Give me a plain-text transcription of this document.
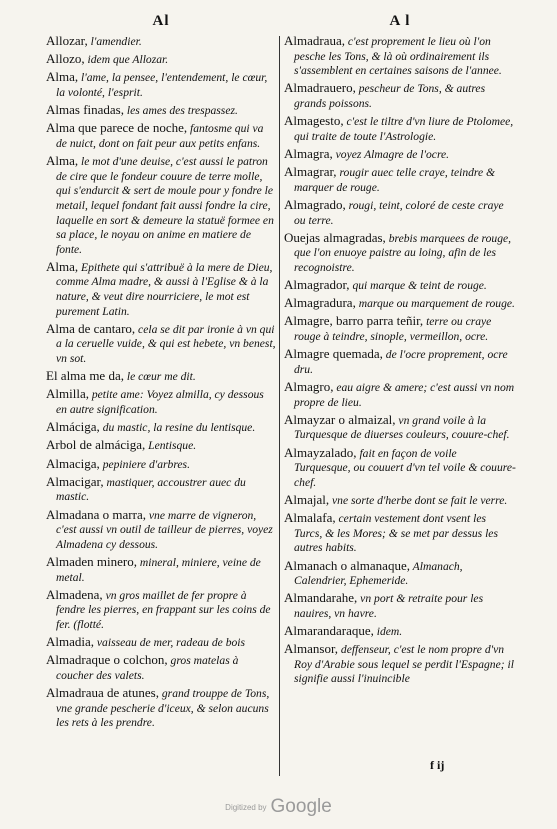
Al

Allozar, l'amendier.

Allozo, idem que Allozar.

Alma, l'ame, la pensee, l'entendement, le cœur, la volonté, l'esprit.

Almas finadas, les ames des trespassez.

Alma que parece de noche, fantosme qui va de nuict, dont on fait peur aux petits enfans.

Alma, le mot d'une deuise, c'est aussi le patron de cire que le fondeur couure de terre molle, qui s'endurcit & sert de moule pour y fondre le metail, lequel fondant fait aussi fondre la cire, laquelle en sort & demeure la statuë formee en sa place, le noyau on anime en matiere de fonte.

Alma, Epithete qui s'attribuë à la mere de Dieu, comme Alma madre, & aussi à l'Eglise & à la nature, & veut dire nourriciere, le mot est purement Latin.

Alma de cantaro, cela se dit par ironie à vn qui a la ceruelle vuide, & qui est hebete, vn benest, vn sot.

El alma me da, le cœur me dit.

Almilla, petite ame: Voyez almilla, cy dessous en autre signification.

Almáciga, du mastic, la resine du lentisque.

Arbol de almáciga, Lentisque.

Almaciga, pepiniere d'arbres.

Almacigar, mastiquer, accoustrer auec du mastic.

Almadana o marra, vne marre de vigneron, c'est aussi vn outil de tailleur de pierres, voyez Almadena cy dessous.

Almaden minero, mineral, miniere, veine de metal.

Almadena, vn gros maillet de fer propre à fendre les pierres, en frappant sur les coins de fer. (flotté.

Almadia, vaisseau de mer, radeau de bois

Almadraque o colchon, gros matelas à coucher des valets.

Almadraua de atunes, grand trouppe de Tons, vne grande pescherie d'iceux, & selon aucuns les rets à les prendre.

A l

Almadraua, c'est proprement le lieu où l'on pesche les Tons, & là où ordinairement ils s'assemblent en certaines saisons de l'annee.

Almadrauero, pescheur de Tons, & autres grands poissons.

Almagesto, c'est le tiltre d'vn liure de Ptolomee, qui traite de toute l'Astrologie.

Almagra, voyez Almagre de l'ocre.

Almagrar, rougir auec telle craye, teindre & marquer de rouge.

Almagrado, rougi, teint, coloré de ceste craye ou terre.

Ouejas almagradas, brebis marquees de rouge, que l'on enuoye paistre au loing, afin de les recognoistre.

Almagrador, qui marque & teint de rouge.

Almagradura, marque ou marquement de rouge.

Almagre, barro parra teñir, terre ou craye rouge à teindre, sinople, vermeillon, ocre.

Almagre quemada, de l'ocre proprement, ocre dru.

Almagro, eau aigre & amere; c'est aussi vn nom propre de lieu.

Almayzar o almaizal, vn grand voile à la Turquesque de diuerses couleurs, couure-chef.

Almayzalado, fait en façon de voile Turquesque, ou couuert d'vn tel voile & couure-chef.

Almajal, vne sorte d'herbe dont se fait le verre.

Almalafa, certain vestement dont vsent les Turcs, & les Mores; & se met par dessus les autres habits.

Almanach o almanaque, Almanach, Calendrier, Ephemeride.

Almandarahe, vn port & retraite pour les nauires, vn havre.

Almarandaraque, idem.

Almansor, deffenseur, c'est le nom propre d'vn Roy d'Arabie sous lequel se perdit l'Espagne; il signifie aussi l'inuincible

f ij
Digitized by Google
